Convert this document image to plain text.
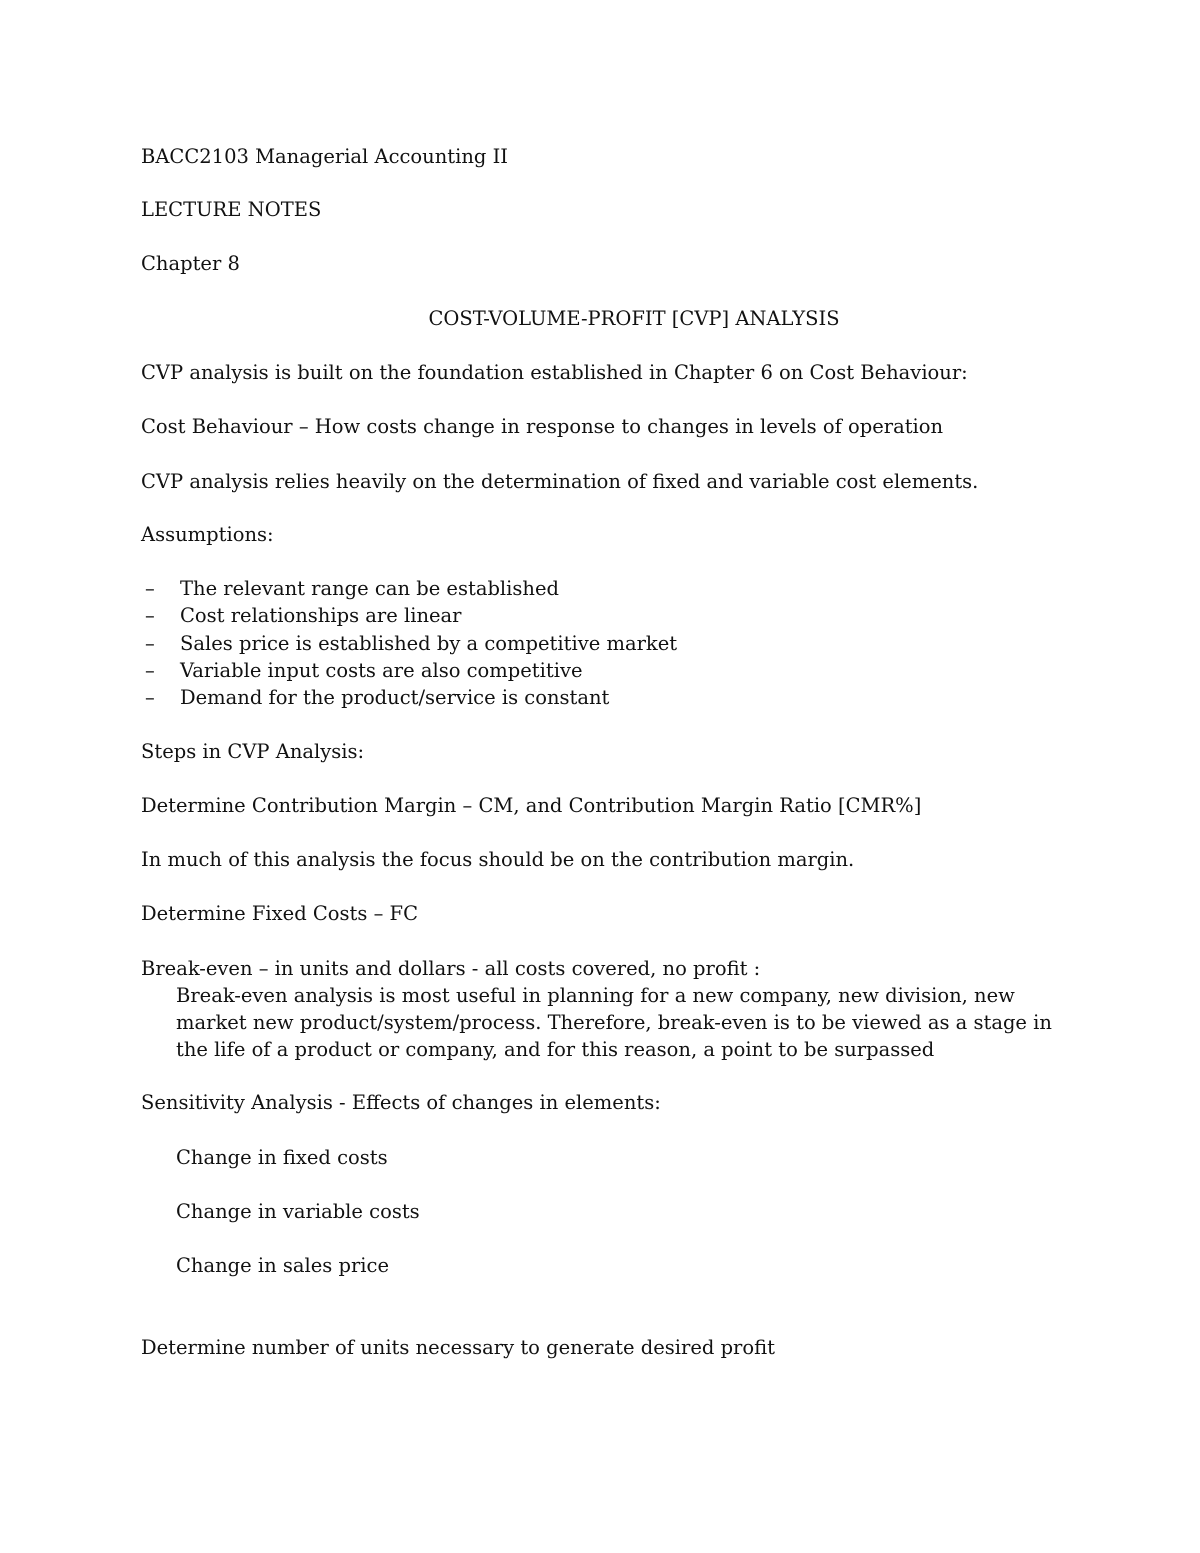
BACC2103 Managerial Accounting II
LECTURE NOTES
Chapter 8
COST-VOLUME-PROFIT [CVP] ANALYSIS
CVP analysis is built on the foundation established in Chapter 6 on Cost Behaviour:
Cost Behaviour – How costs change in response to changes in levels of operation
CVP analysis relies heavily on the determination of fixed and variable cost elements.
Assumptions:
– The relevant range can be established
– Cost relationships are linear
– Sales price is established by a competitive market
– Variable input costs are also competitive
– Demand for the product/service is constant
Steps in CVP Analysis:
Determine Contribution Margin – CM, and Contribution Margin Ratio [CMR%]
In much of this analysis the focus should be on the contribution margin.
Determine Fixed Costs – FC
Break-even – in units and dollars - all costs covered, no profit :
Break-even analysis is most useful in planning for a new company, new division, new
market new product/system/process. Therefore, break-even is to be viewed as a stage in
the life of a product or company, and for this reason, a point to be surpassed
Sensitivity Analysis - Effects of changes in elements:
Change in fixed costs
Change in variable costs
Change in sales price
Determine number of units necessary to generate desired profit
